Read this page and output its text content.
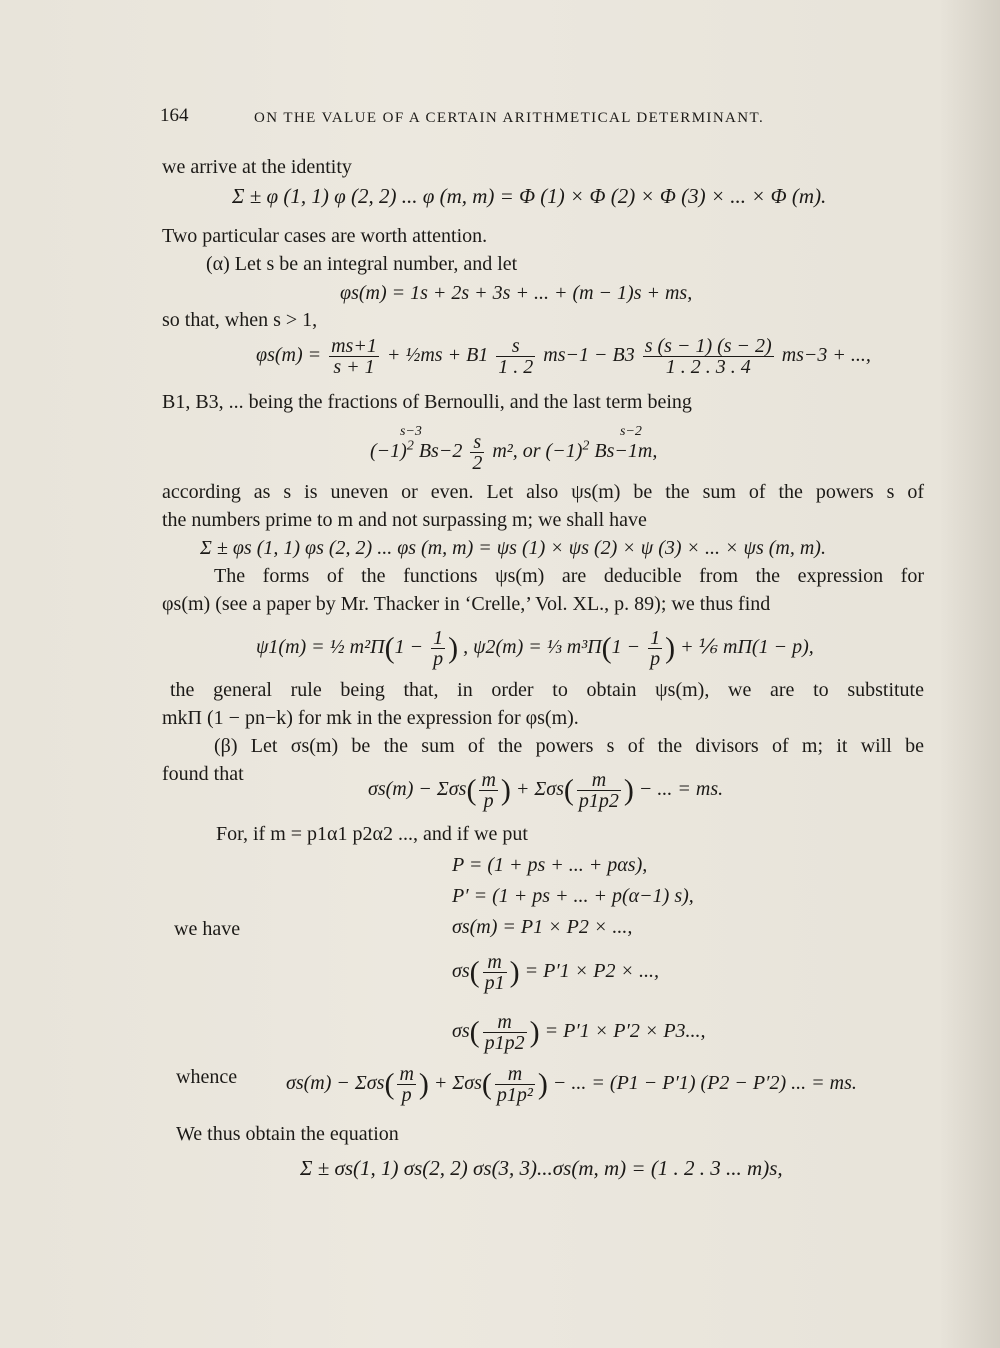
164	ON THE VALUE OF A CERTAIN ARITHMETICAL DETERMINANT.
we arrive at the identity
Σ ± φ (1, 1) φ (2, 2) ... φ (m, m) = Φ (1) × Φ (2) × Φ (3) × ... × Φ (m).
Two particular cases are worth attention.
(α) Let s be an integral number, and let
φs(m) = 1s + 2s + 3s + ... + (m − 1)s + ms,
so that, when s > 1,
$\varphi s(m) = \frac{ms+1}{s + 1}$ + ½ms + $B1 \frac{s}{1 . 2} ms-1 - B3 \frac{s (s - 1) (s - 2)}{1 . 2 . 3 . 4} ms-3$ + ...,
B1, B3, ... being the fractions of Bernoulli, and the last term being
s−3	s−2
$(-1)^2$ $Bs-2 \frac{s}{2} m^2$, or $(-1)^2$ Bs−1m,
according as s is uneven or even. Let also ψs(m) be the sum of the powers s of
the numbers prime to m and not surpassing m; we shall have
Σ ± φs (1, 1) φs (2, 2) ... φs (m, m) = ψs (1) × ψs (2) × ψ (3) × ... × ψs (m, m).
The forms of the functions ψs(m) are deducible from the expression for
φs(m) (see a paper by Mr. Thacker in ‘Crelle,’ Vol. XL., p. 89); we thus find
ψ1(m) = ½ $m^2\Pi(1 - \frac{1}{p}$ ) , ψ2(m) = ⅓ $m^3\Pi(1 - \frac{1}{p}$ ) + ⅙ mΠ(1 − p),
the general rule being that, in order to obtain ψs(m), we are to substitute
mkΠ (1 − pn−k) for mk in the expression for φs(m).
(β) Let σs(m) be the sum of the powers s of the divisors of m; it will be
found that
$\sigma s(m) - \Sigma\sigma s( \frac{m}{p}$ ) + $\Sigma\sigma s( \frac{m}{p1p2}$ ) − ... = ms.
For, if m = p1α1 p2α2 ..., and if we put
P = (1 + ps + ... + pαs),
P′ = (1 + ps + ... + p(α−1) s),
we have	σs(m) = P1 × P2 × ...,
$\sigma s( \frac{m}{p1}$ ) = P′1 × P2 × ...,
$\sigma s( \frac{m}{p1p2}$ ) = P′1 × P′2 × P3...,
whence $\sigma s(m) - \Sigma\sigma s( \frac{m}{p}$ ) + $\Sigma\sigma s( \frac{m}{\text{p1p²}}$ ) − ... = (P1 − P′1) (P2 − P′2) ... = ms.
We thus obtain the equation
Σ ± σs(1, 1) σs(2, 2) σs(3, 3)...σs(m, m) = (1 . 2 . 3 ... m)s,
